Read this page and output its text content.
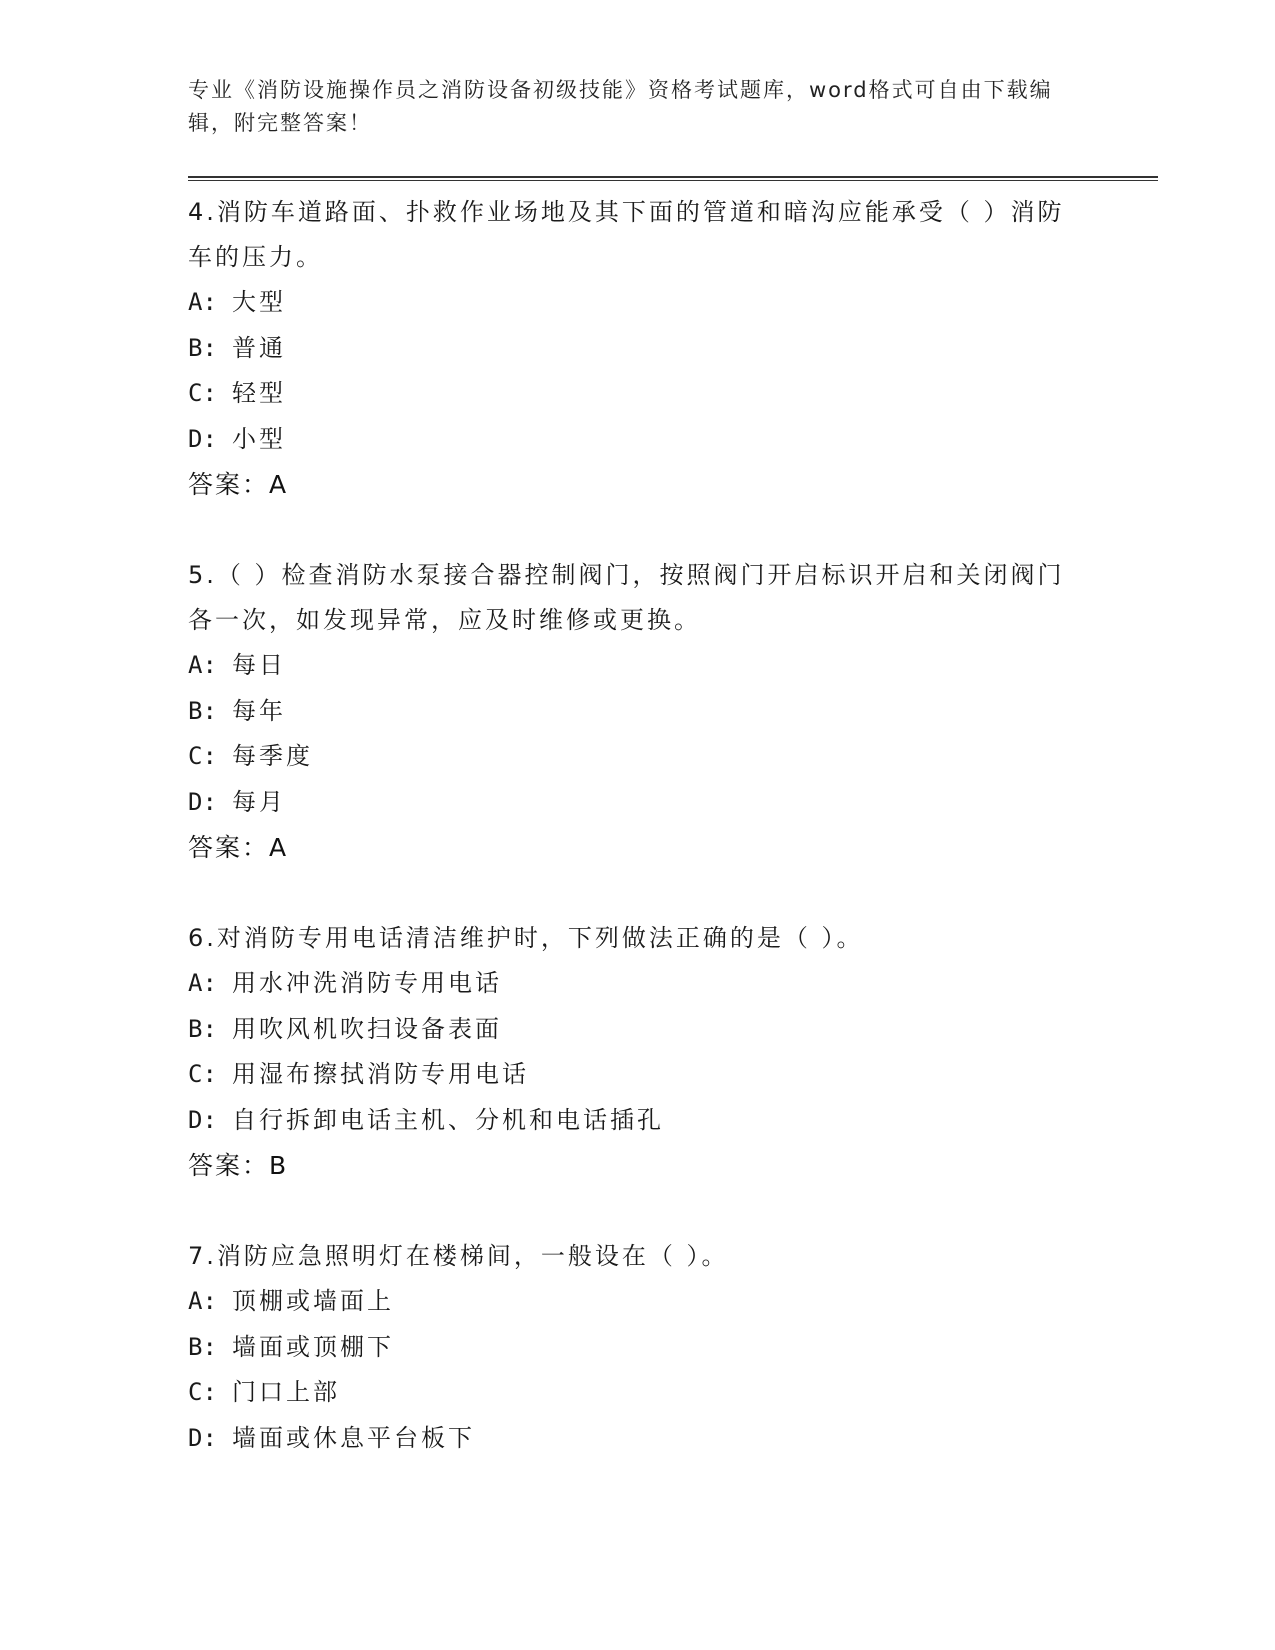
专业《消防设施操作员之消防设备初级技能》资格考试题库，word格式可自由下载编辑，附完整答案！

4.消防车道路面、扑救作业场地及其下面的管道和暗沟应能承受（ ）消防车的压力。

A: 大型

B: 普通

C: 轻型

D: 小型

答案：A

5.（ ）检查消防水泵接合器控制阀门，按照阀门开启标识开启和关闭阀门各一次，如发现异常，应及时维修或更换。

A: 每日

B: 每年

C: 每季度

D: 每月

答案：A

6.对消防专用电话清洁维护时，下列做法正确的是（ ）。

A: 用水冲洗消防专用电话

B: 用吹风机吹扫设备表面

C: 用湿布擦拭消防专用电话

D: 自行拆卸电话主机、分机和电话插孔

答案：B

7.消防应急照明灯在楼梯间，一般设在（ ）。

A: 顶棚或墙面上

B: 墙面或顶棚下

C: 门口上部

D: 墙面或休息平台板下
